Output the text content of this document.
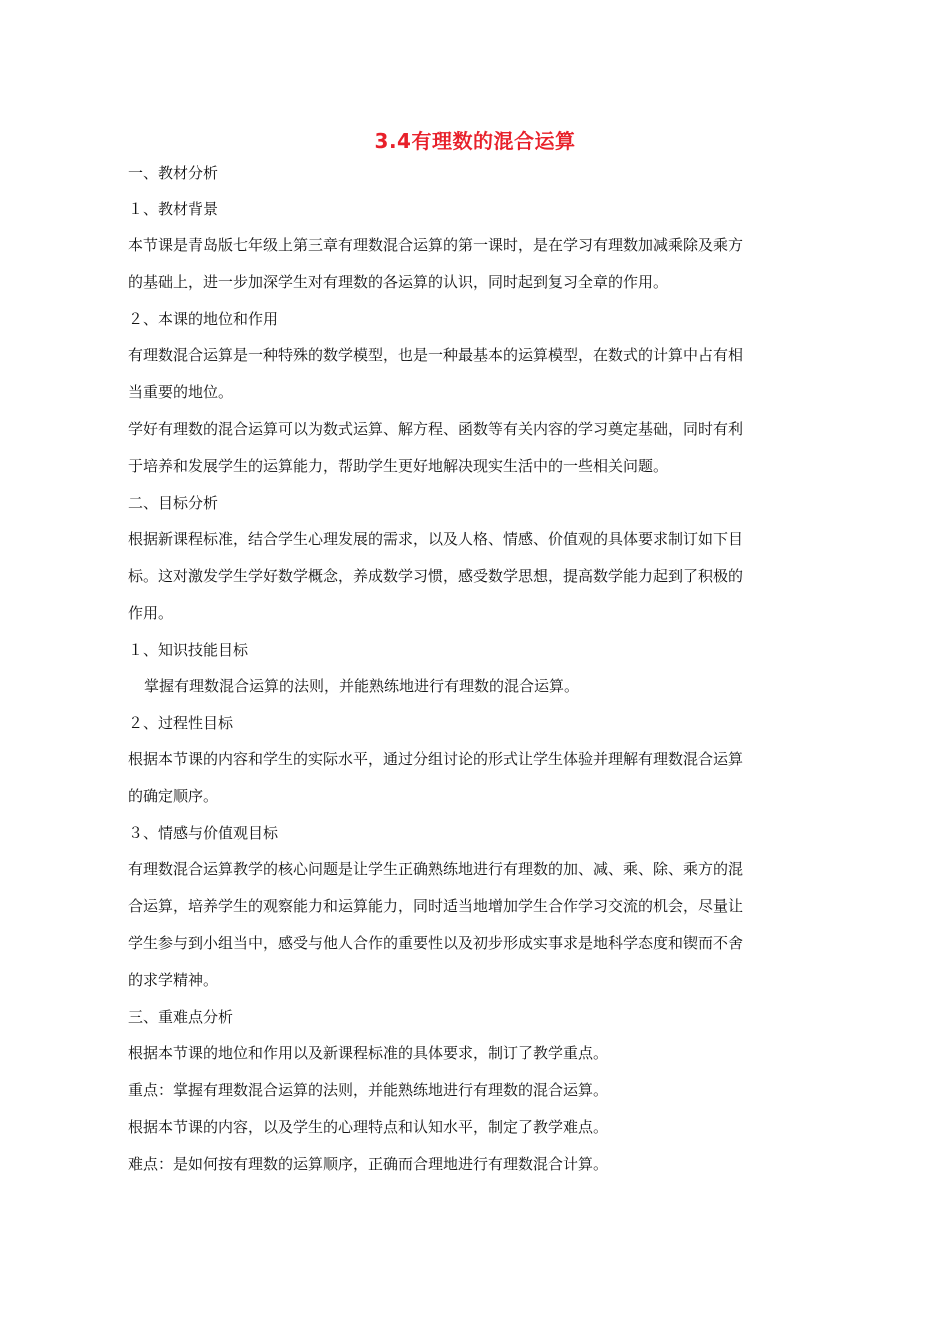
3.4有理数的混合运算

一、教材分析

１、教材背景

本节课是青岛版七年级上第三章有理数混合运算的第一课时，是在学习有理数加减乘除及乘方

的基础上，进一步加深学生对有理数的各运算的认识，同时起到复习全章的作用。

２、本课的地位和作用

有理数混合运算是一种特殊的数学模型，也是一种最基本的运算模型，在数式的计算中占有相

当重要的地位。

学好有理数的混合运算可以为数式运算、解方程、函数等有关内容的学习奠定基础，同时有利

于培养和发展学生的运算能力，帮助学生更好地解决现实生活中的一些相关问题。

二、目标分析

根据新课程标准，结合学生心理发展的需求，以及人格、情感、价值观的具体要求制订如下目

标。这对激发学生学好数学概念，养成数学习惯，感受数学思想，提高数学能力起到了积极的

作用。

１、知识技能目标

掌握有理数混合运算的法则，并能熟练地进行有理数的混合运算。

２、过程性目标

根据本节课的内容和学生的实际水平，通过分组讨论的形式让学生体验并理解有理数混合运算

的确定顺序。

３、情感与价值观目标

有理数混合运算教学的核心问题是让学生正确熟练地进行有理数的加、减、乘、除、乘方的混

合运算，培养学生的观察能力和运算能力，同时适当地增加学生合作学习交流的机会，尽量让

学生参与到小组当中，感受与他人合作的重要性以及初步形成实事求是地科学态度和锲而不舍

的求学精神。

三、重难点分析

根据本节课的地位和作用以及新课程标准的具体要求，制订了教学重点。

重点：掌握有理数混合运算的法则，并能熟练地进行有理数的混合运算。

根据本节课的内容，以及学生的心理特点和认知水平，制定了教学难点。

难点：是如何按有理数的运算顺序，正确而合理地进行有理数混合计算。
